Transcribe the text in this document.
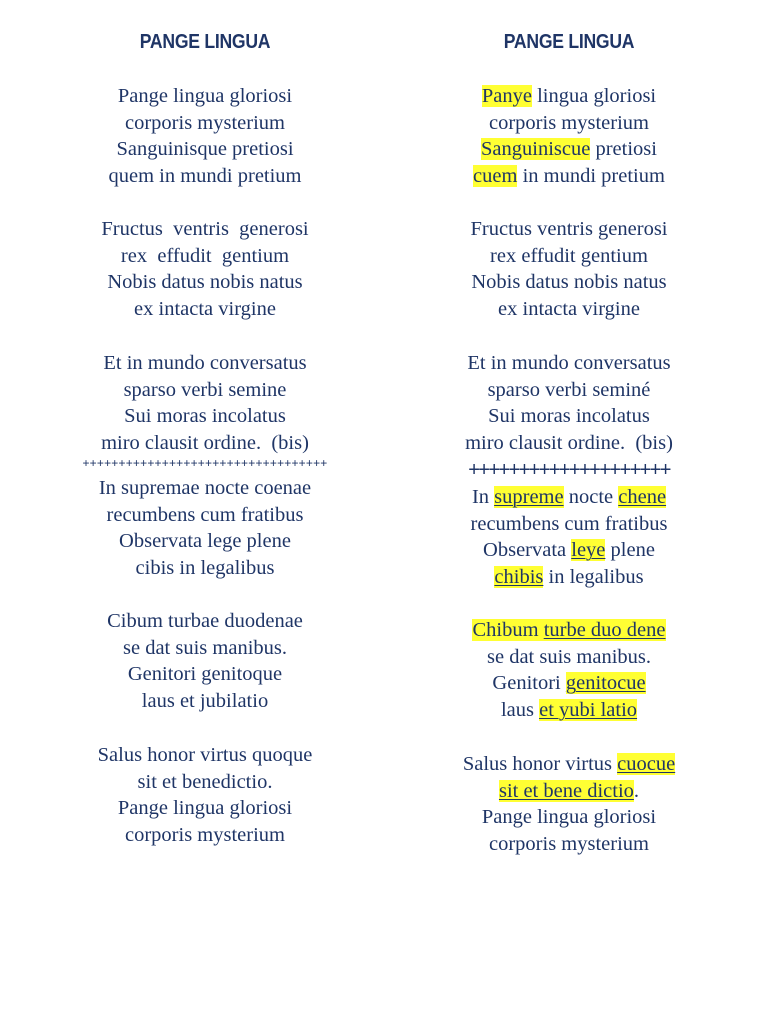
PANGE LINGUA
Pange lingua gloriosi
corporis mysterium
Sanguinisque pretiosi
quem in mundi pretium
Fructus  ventris  generosi
rex  effudit  gentium
Nobis datus nobis natus
ex intacta virgine
Et in mundo conversatus
sparso verbi semine
Sui moras incolatus
miro clausit ordine.  (bis)
++++++++++++++++++++++++++++++++++
In supremae nocte coenae
recumbens cum fratibus
Observata lege plene
cibis in legalibus
Cibum turbae duodenae
se dat suis manibus.
Genitori genitoque
laus et jubilatio
Salus honor virtus quoque
sit et benedictio.
Pange lingua gloriosi
corporis mysterium
PANGE LINGUA
Panye lingua gloriosi
corporis mysterium
Sanguiniscue pretiosi
cuem in mundi pretium
Fructus ventris generosi
rex effudit gentium
Nobis datus nobis natus
ex intacta virgine
Et in mundo conversatus
sparso verbi seminé
Sui moras incolatus
miro clausit ordine.  (bis)
++++++++++++++++++++
In supreme nocte chene
recumbens cum fratibus
Observata leye plene
chibis in legalibus
Chibum turbe duo dene
se dat suis manibus.
Genitori genitocue
laus et yubi latio
Salus honor virtus cuocue
sit et bene dictio.
Pange lingua gloriosi
corporis mysterium
